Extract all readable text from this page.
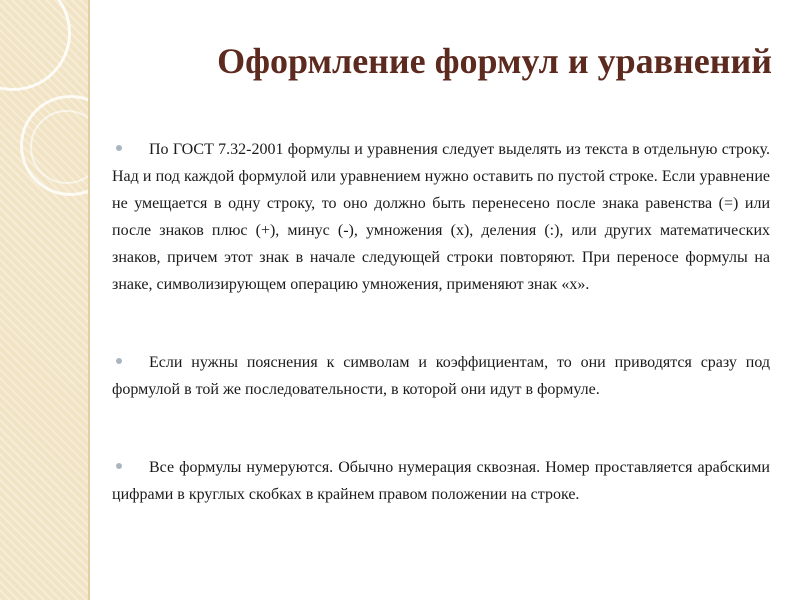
Оформление формул и уравнений
По ГОСТ 7.32-2001 формулы и уравнения следует выделять из текста в отдельную строку. Над и под каждой формулой или уравнением нужно оставить по пустой строке. Если уравнение не умещается в одну строку, то оно должно быть перенесено после знака равенства (=) или после знаков плюс (+), минус (-), умножения (х), деления (:), или других математических знаков, причем этот знак в начале следующей строки повторяют. При переносе формулы на знаке, символизирующем операцию умножения, применяют знак «х».
Если нужны пояснения к символам и коэффициентам, то они приводятся сразу под формулой в той же последовательности, в которой они идут в формуле.
Все формулы нумеруются. Обычно нумерация сквозная. Номер проставляется арабскими цифрами в круглых скобках в крайнем правом положении на строке.
